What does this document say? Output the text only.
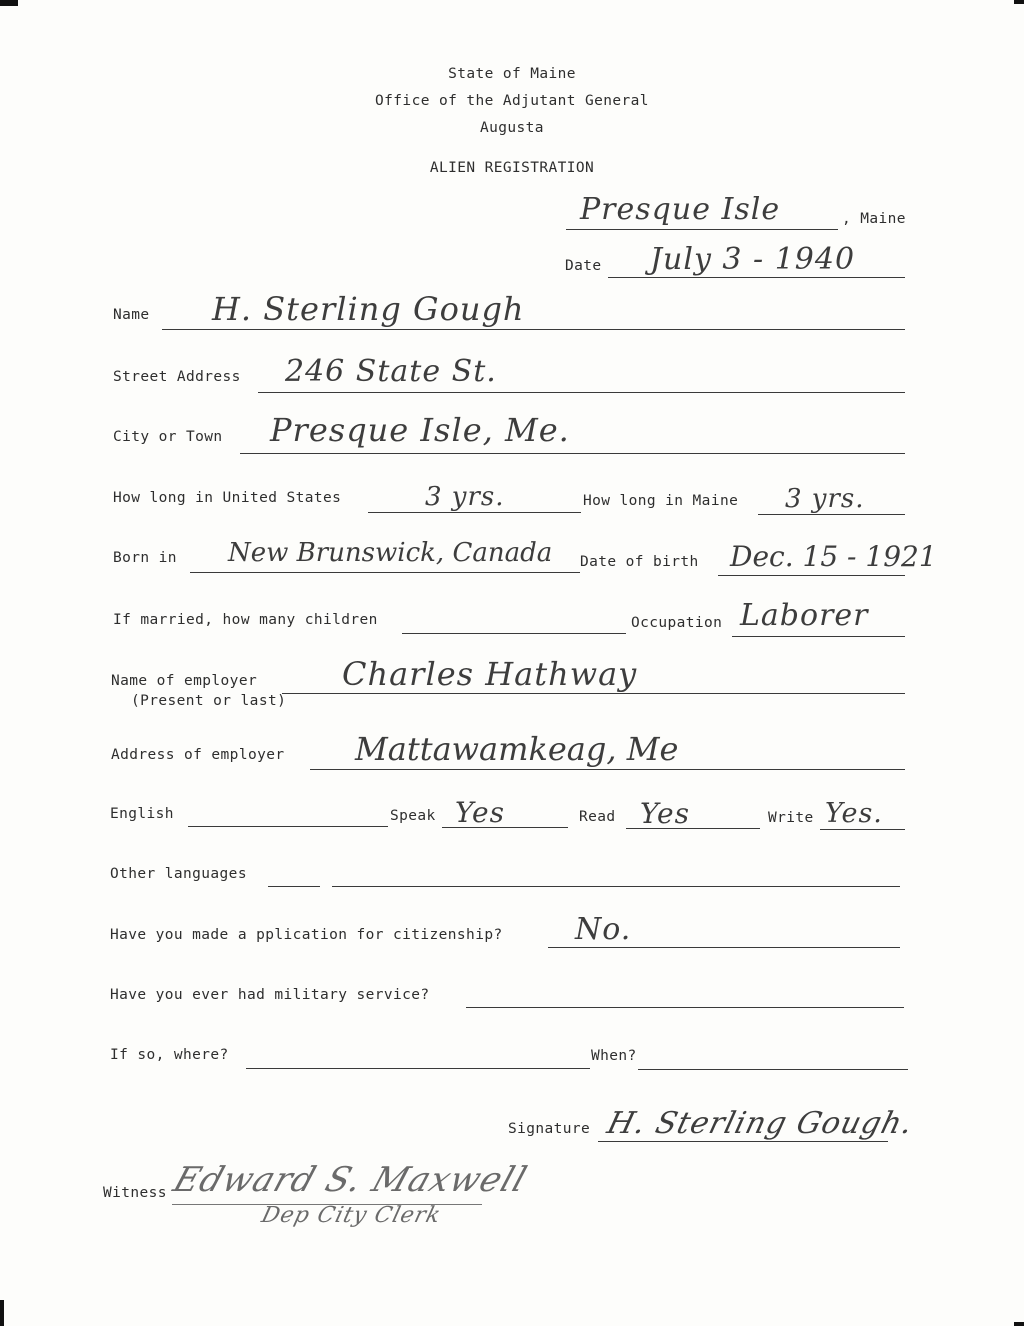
State of Maine
Office of the Adjutant General
Augusta
ALIEN REGISTRATION
Presque Isle	, Maine
Date July 3 - 1940
Name H. Sterling Gough
Street Address 246 State St.
City or Town Presque Isle, Me.
How long in United States	3 yrs.	How long in Maine 3 yrs.
Born in New Brunswick, Canada Date of birth Dec. 15 - 1921
If married, how many children	Occupation Laborer
Name of employer
(Present or last)
Charles Hathway
Address of employer Mattawamkeag, Me
English	Speak Yes	Read Yes	Write Yes.
Other languages
Have you made a pplication for citizenship? No.
Have you ever had military service?
If so, where?	When?
Signature H. Sterling Gough.
Witness Edward S. Maxwell
Dep City Clerk
